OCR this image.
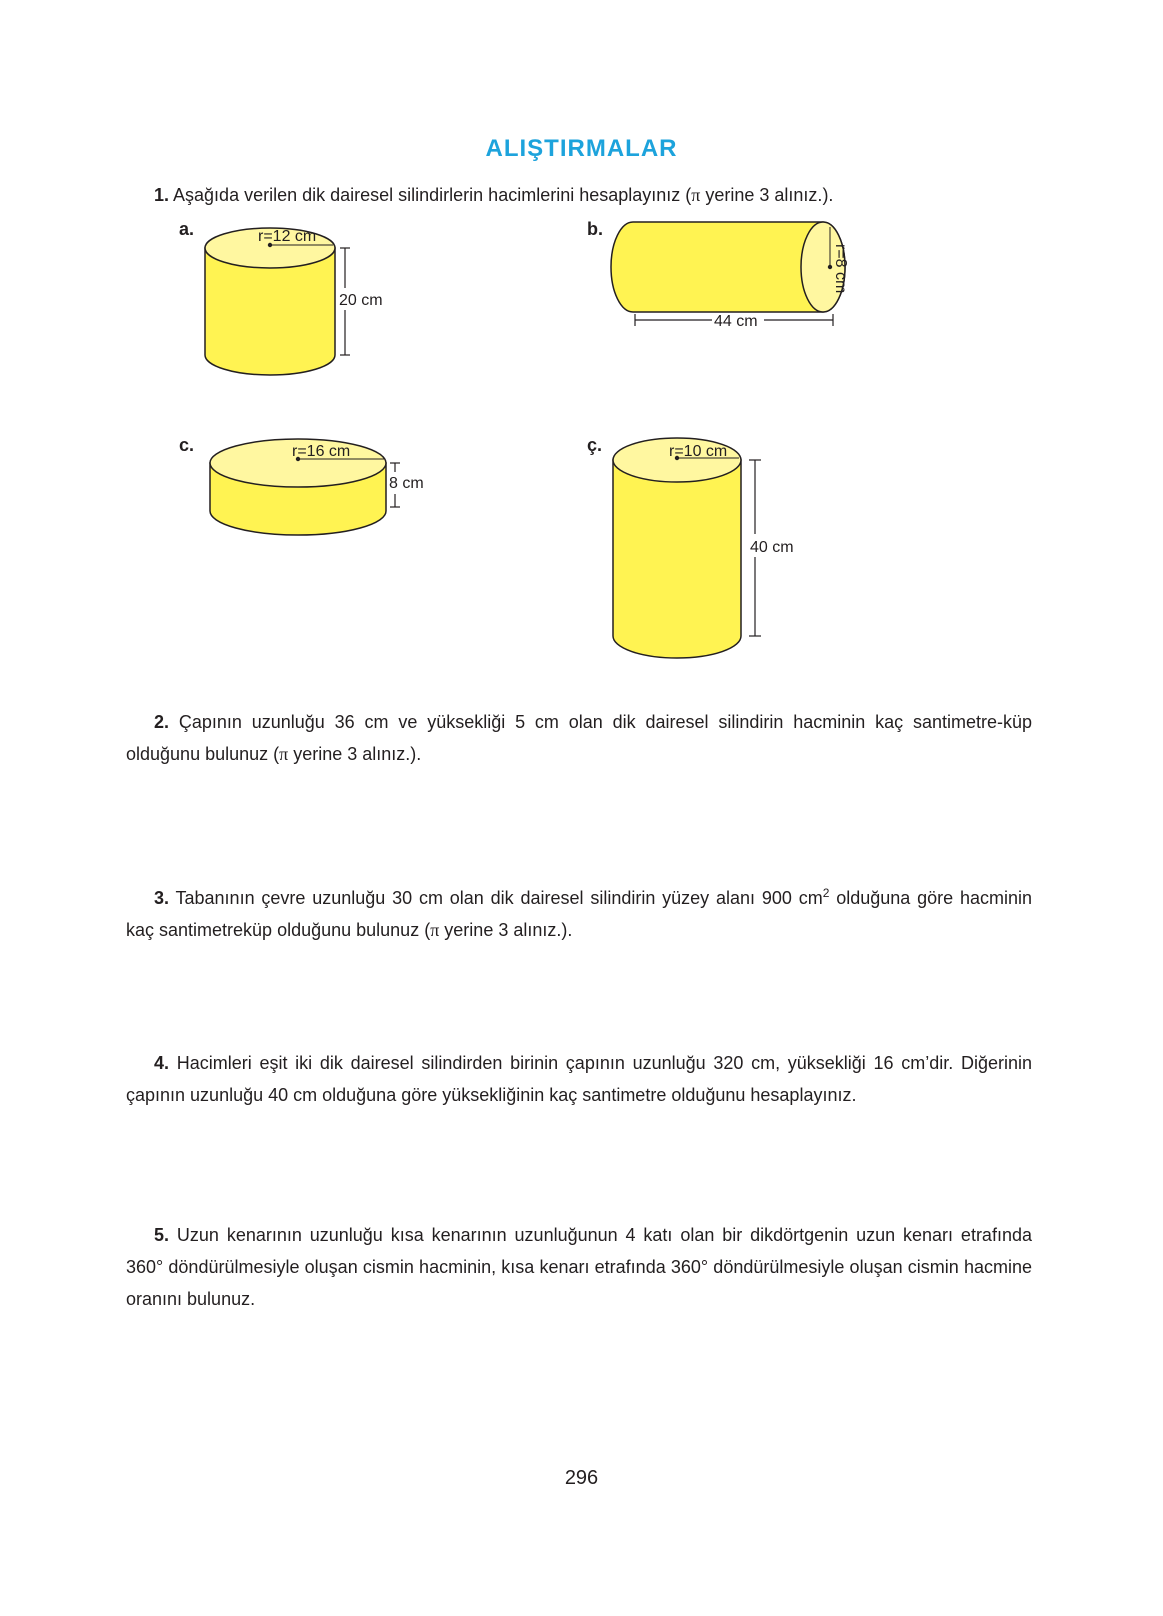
ALIŞTIRMALAR
1. Aşağıda verilen dik dairesel silindirlerin hacimlerini hesaplayınız (π yerine 3 alınız.).
a.	b.
c.	ç.
r=12 cm
20 cm
r=8 cm
44 cm
r=16 cm
8 cm
r=10 cm
40 cm
2. Çapının uzunluğu 36 cm ve yüksekliği 5 cm olan dik dairesel silindirin hacminin kaç santimetre-küp olduğunu bulunuz (π yerine 3 alınız.).
3. Tabanının çevre uzunluğu 30 cm olan dik dairesel silindirin yüzey alanı 900 $cm^2$ olduğuna göre hacminin kaç santimetreküp olduğunu bulunuz (π yerine 3 alınız.).
4. Hacimleri eşit iki dik dairesel silindirden birinin çapının uzunluğu 320 cm, yüksekliği 16 cm’dir. Diğerinin çapının uzunluğu 40 cm olduğuna göre yüksekliğinin kaç santimetre olduğunu hesaplayınız.
5. Uzun kenarının uzunluğu kısa kenarının uzunluğunun 4 katı olan bir dikdörtgenin uzun kenarı etrafında 360° döndürülmesiyle oluşan cismin hacminin, kısa kenarı etrafında 360° döndürülmesiyle oluşan cismin hacmine oranını bulunuz.
296
